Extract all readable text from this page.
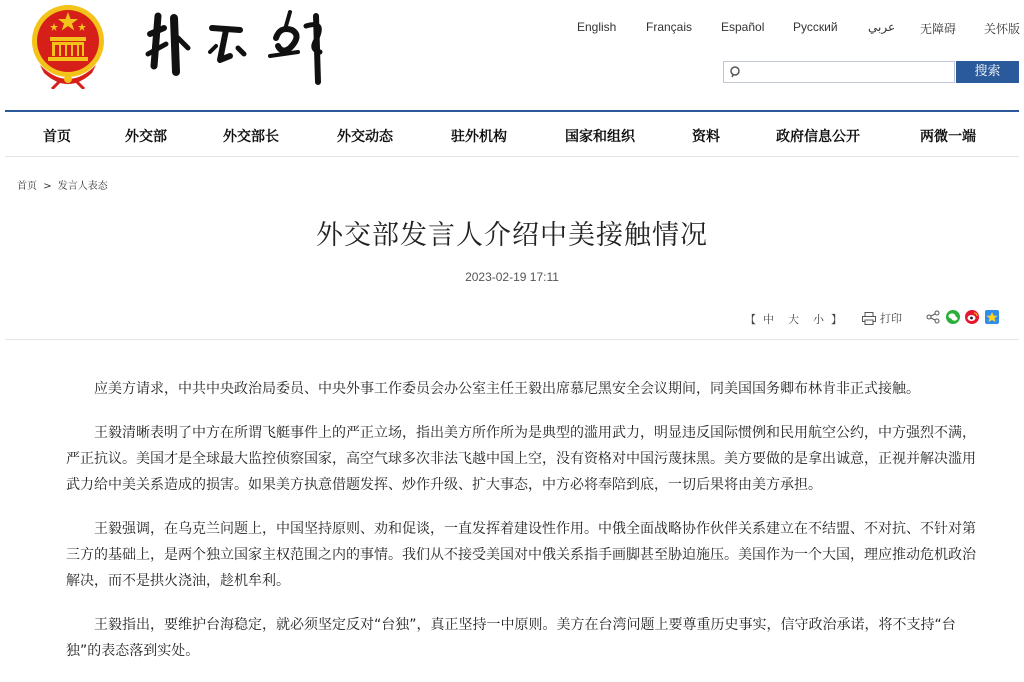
English Français Español Русский	عربي 无障碍 关怀版
搜索
首页	外交部	外交部长	外交动态	驻外机构	国家和组织	资料	政府信息公开	两微一端
首页 > 发言人表态
外交部发言人介绍中美接触情况
2023-02-19 17:11
【 中 大 小 】	打印

　　应美方请求，中共中央政治局委员、中央外事工作委员会办公室主任王毅出席慕尼黑安全会议期间，同美国国务卿布林肯非正式接触。

　　王毅清晰表明了中方在所谓飞艇事件上的严正立场，指出美方所作所为是典型的滥用武力，明显违反国际惯例和民用航空公约，中方强烈不满，严正抗议。美国才是全球最大监控侦察国家，高空气球多次非法飞越中国上空，没有资格对中国污蔑抹黑。美方要做的是拿出诚意，正视并解决滥用武力给中美关系造成的损害。如果美方执意借题发挥、炒作升级、扩大事态，中方必将奉陪到底，一切后果将由美方承担。

　　王毅强调，在乌克兰问题上，中国坚持原则、劝和促谈，一直发挥着建设性作用。中俄全面战略协作伙伴关系建立在不结盟、不对抗、不针对第三方的基础上，是两个独立国家主权范围之内的事情。我们从不接受美国对中俄关系指手画脚甚至胁迫施压。美国作为一个大国，理应推动危机政治解决，而不是拱火浇油，趁机牟利。

　　王毅指出，要维护台海稳定，就必须坚定反对“台独”，真正坚持一中原则。美方在台湾问题上要尊重历史事实，信守政治承诺，将不支持“台独”的表态落到实处。
